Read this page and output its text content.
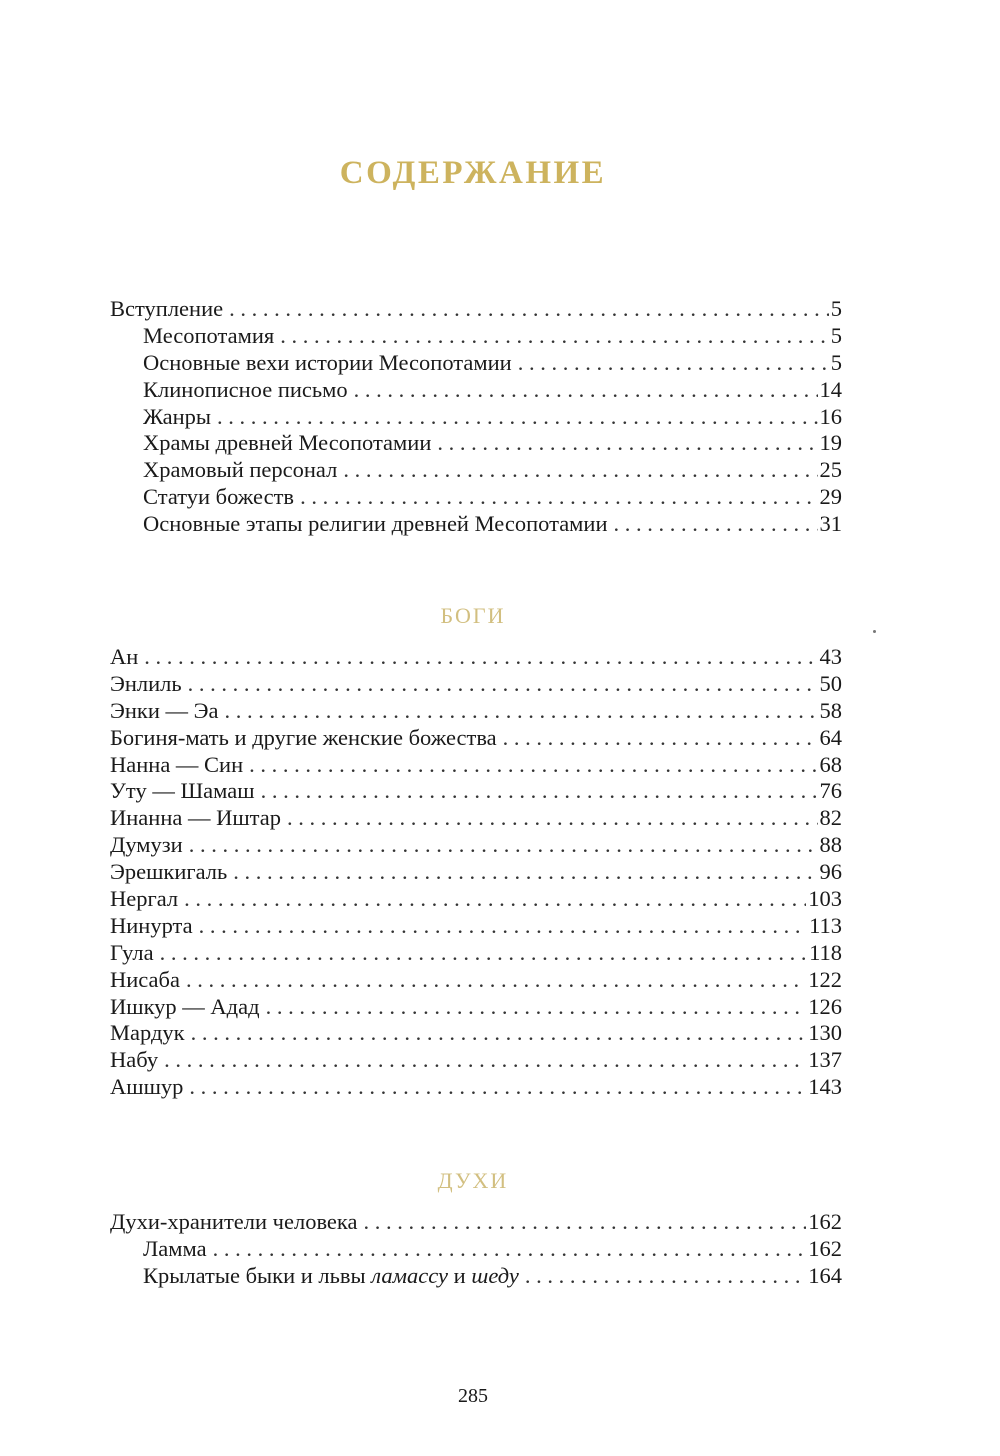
СОДЕРЖАНИЕ
Вступление . . .	5
Месопотамия . . .	5
Основные вехи истории Месопотамии . . .	5
Клинописное письмо . . .	14
Жанры . . .	16
Храмы древней Месопотамии . . .	19
Храмовый персонал . . .	25
Статуи божеств . . .	29
Основные этапы религии древней Месопотамии . . .	31
БОГИ
Ан . . .	43
Энлиль . . .	50
Энки — Эа . . .	58
Богиня-мать и другие женские божества . . .	64
Нанна — Син . . .	68
Уту — Шамаш . . .	76
Инанна — Иштар . . .	82
Думузи . . .	88
Эрешкигаль . . .	96
Нергал . . .	103
Нинурта . . .	113
Гула . . .	118
Нисаба . . .	122
Ишкур — Адад . . .	126
Мардук . . .	130
Набу . . .	137
Ашшур . . .	143
ДУХИ
Духи-хранители человека . . .	162
Ламма . . .	162
Крылатые быки и львы ламассу и шеду . . .	164
285
